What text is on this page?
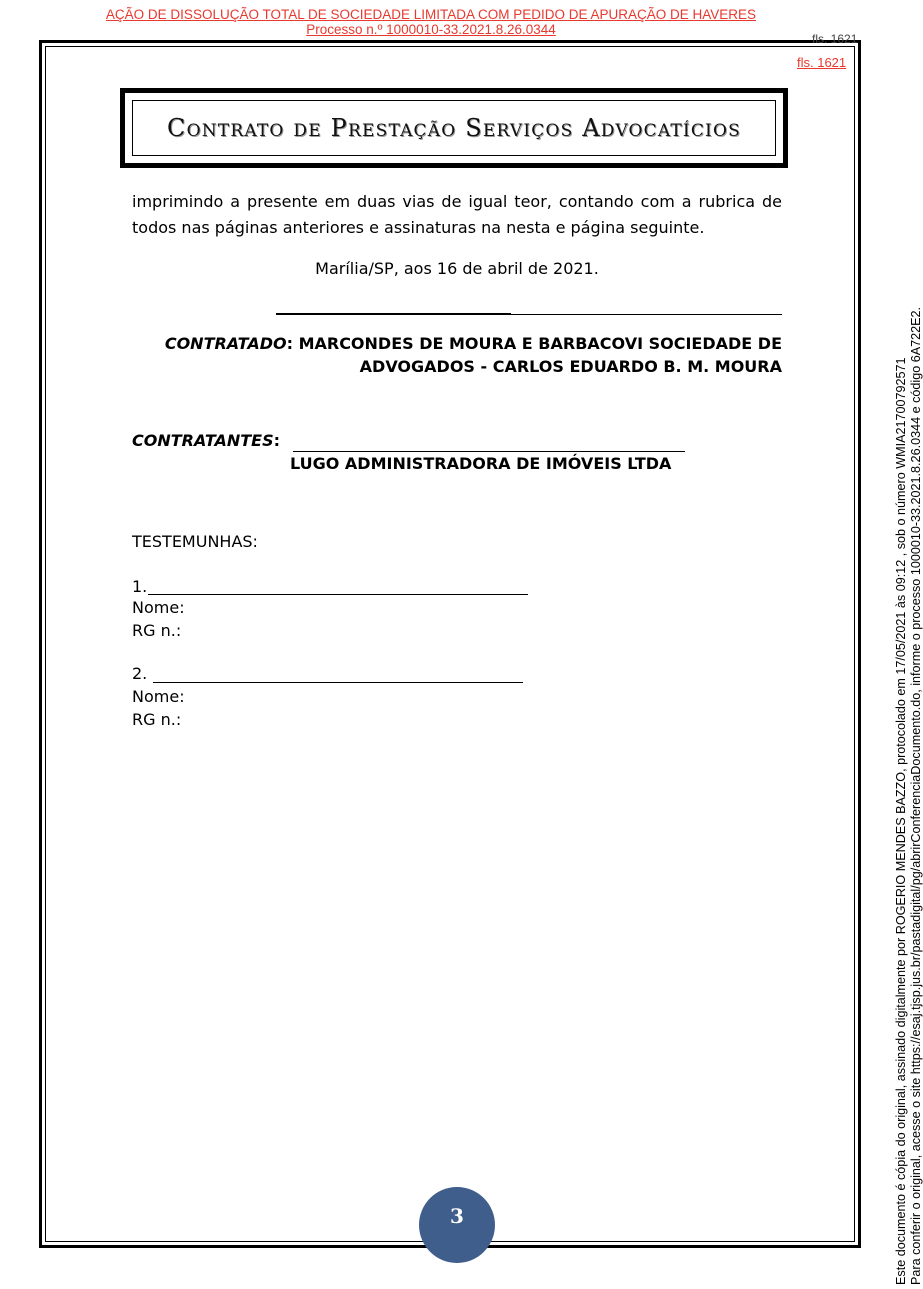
AÇÃO DE DISSOLUÇÃO TOTAL DE SOCIEDADE LIMITADA COM PEDIDO DE APURAÇÃO DE HAVERES
Processo n.º 1000010-33.2021.8.26.0344
fls. 1621
fls. 1621
Contrato de Prestação Serviços Advocatícios
imprimindo a presente em duas vias de igual teor, contando com a rubrica de
todos nas páginas anteriores e assinaturas na nesta e página seguinte.
Marília/SP, aos 16 de abril de 2021.
CONTRATADO: MARCONDES DE MOURA E BARBACOVI SOCIEDADE DE
ADVOGADOS - CARLOS EDUARDO B. M. MOURA
CONTRATANTES:
LUGO ADMINISTRADORA DE IMÓVEIS LTDA
TESTEMUNHAS:
1.
Nome:
RG n.:
2.
Nome:
RG n.:
3	Este documento é cópia do original, assinado digitalmente por ROGERIO MENDES BAZZO, protocolado em 17/05/2021 às 09:12 , sob o número WMIA21700792571 Para conferir o original, acesse o site https://esaj.tjsp.jus.br/pastadigital/pg/abrirConferenciaDocumento.do, informe o processo 1000010-33.2021.8.26.0344 e código 6A722E2.
